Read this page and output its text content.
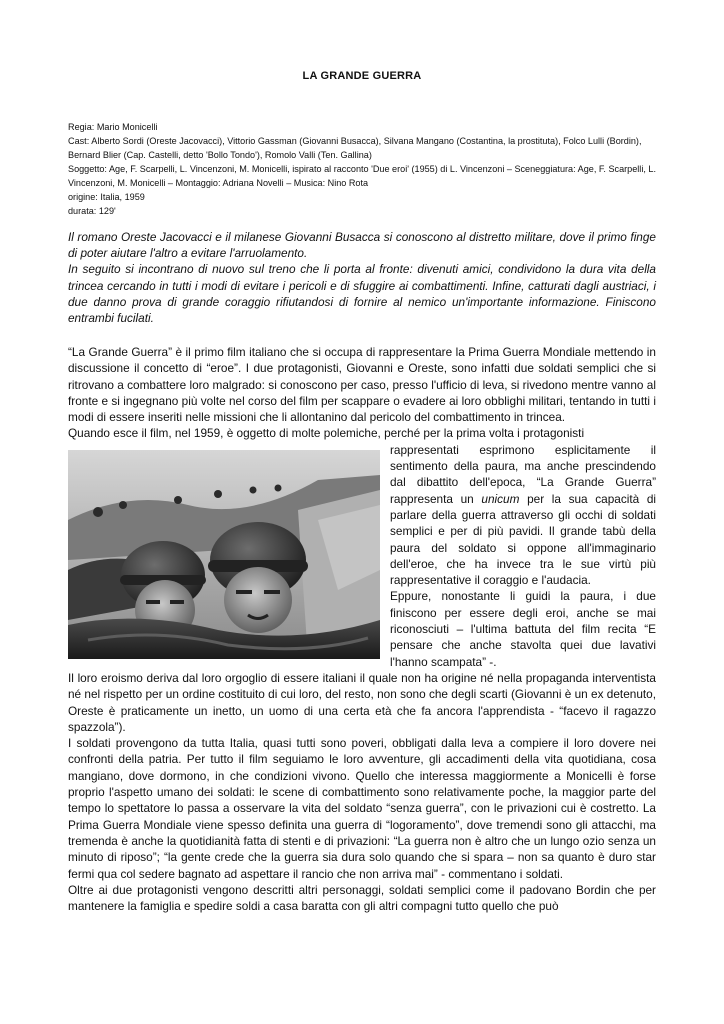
LA GRANDE GUERRA

Regia: Mario Monicelli

Cast: Alberto Sordi (Oreste Jacovacci), Vittorio Gassman (Giovanni Busacca), Silvana Mangano (Costantina, la prostituta), Folco Lulli (Bordin), Bernard Blier (Cap. Castelli, detto 'Bollo Tondo'), Romolo Valli (Ten. Gallina)

Soggetto: Age, F. Scarpelli, L. Vincenzoni, M. Monicelli, ispirato al racconto 'Due eroi' (1955) di L. Vincenzoni – Sceneggiatura: Age, F. Scarpelli, L. Vincenzoni, M. Monicelli – Montaggio: Adriana Novelli – Musica: Nino Rota

origine: Italia, 1959

durata: 129'

Il romano Oreste Jacovacci e il milanese Giovanni Busacca si conoscono al distretto militare, dove il primo finge di poter aiutare l'altro a evitare l'arruolamento.

In seguito si incontrano di nuovo sul treno che li porta al fronte: divenuti amici, condividono la dura vita della trincea cercando in tutti i modi di evitare i pericoli e di sfuggire ai combattimenti. Infine, catturati dagli austriaci, i due danno prova di grande coraggio rifiutandosi di fornire al nemico un'importante informazione. Finiscono entrambi fucilati.

“La Grande Guerra” è il primo film italiano che si occupa di rappresentare la Prima Guerra Mondiale mettendo in discussione il concetto di “eroe”. I due protagonisti, Giovanni e Oreste, sono infatti due soldati semplici che si ritrovano a combattere loro malgrado: si conoscono per caso, presso l'ufficio di leva, si rivedono mentre vanno al fronte e si ingegnano più volte nel corso del film per scappare o evadere ai loro obblighi militari, tentando in tutti i modi di essere inseriti nelle missioni che li allontanino dal pericolo del combattimento in trincea.

Quando esce il film, nel 1959, è oggetto di molte polemiche, perché per la prima volta i protagonisti

rappresentati esprimono esplicitamente il sentimento della paura, ma anche prescindendo dal dibattito dell'epoca, “La Grande Guerra” rappresenta un unicum per la sua capacità di parlare della guerra attraverso gli occhi di soldati semplici e per di più pavidi. Il grande tabù della paura del soldato si oppone all'immaginario dell'eroe, che ha invece tra le sue virtù più rappresentative il coraggio e l'audacia.

Eppure, nonostante li guidi la paura, i due finiscono per essere degli eroi, anche se mai riconosciuti – l'ultima battuta del film recita “E pensare che anche stavolta quei due lavativi l'hanno scampata” -.

Il loro eroismo deriva dal loro orgoglio di essere italiani il quale non ha origine né nella propaganda interventista né nel rispetto per un ordine costituito di cui loro, del resto, non sono che degli scarti (Giovanni è un ex detenuto, Oreste è praticamente un inetto, un uomo di una certa età che fa ancora l'apprendista - “facevo il ragazzo spazzola”).

I soldati provengono da tutta Italia, quasi tutti sono poveri, obbligati dalla leva a compiere il loro dovere nei confronti della patria. Per tutto il film seguiamo le loro avventure, gli accadimenti della vita quotidiana, cosa mangiano, dove dormono, in che condizioni vivono. Quello che interessa maggiormente a Monicelli è forse proprio l'aspetto umano dei soldati: le scene di combattimento sono relativamente poche, la maggior parte del tempo lo spettatore lo passa a osservare la vita del soldato “senza guerra”, con le privazioni cui è costretto. La Prima Guerra Mondiale viene spesso definita una guerra di “logoramento”, dove tremendi sono gli attacchi, ma tremenda è anche la quotidianità fatta di stenti e di privazioni: “La guerra non è altro che un lungo ozio senza un minuto di riposo”; “la gente crede che la guerra sia dura solo quando che si spara – non sa quanto è duro star fermi qua col sedere bagnato ad aspettare il rancio che non arriva mai” - commentano i soldati.

Oltre ai due protagonisti vengono descritti altri personaggi, soldati semplici come il padovano Bordin che per mantenere la famiglia e spedire soldi a casa baratta con gli altri compagni tutto quello che può
